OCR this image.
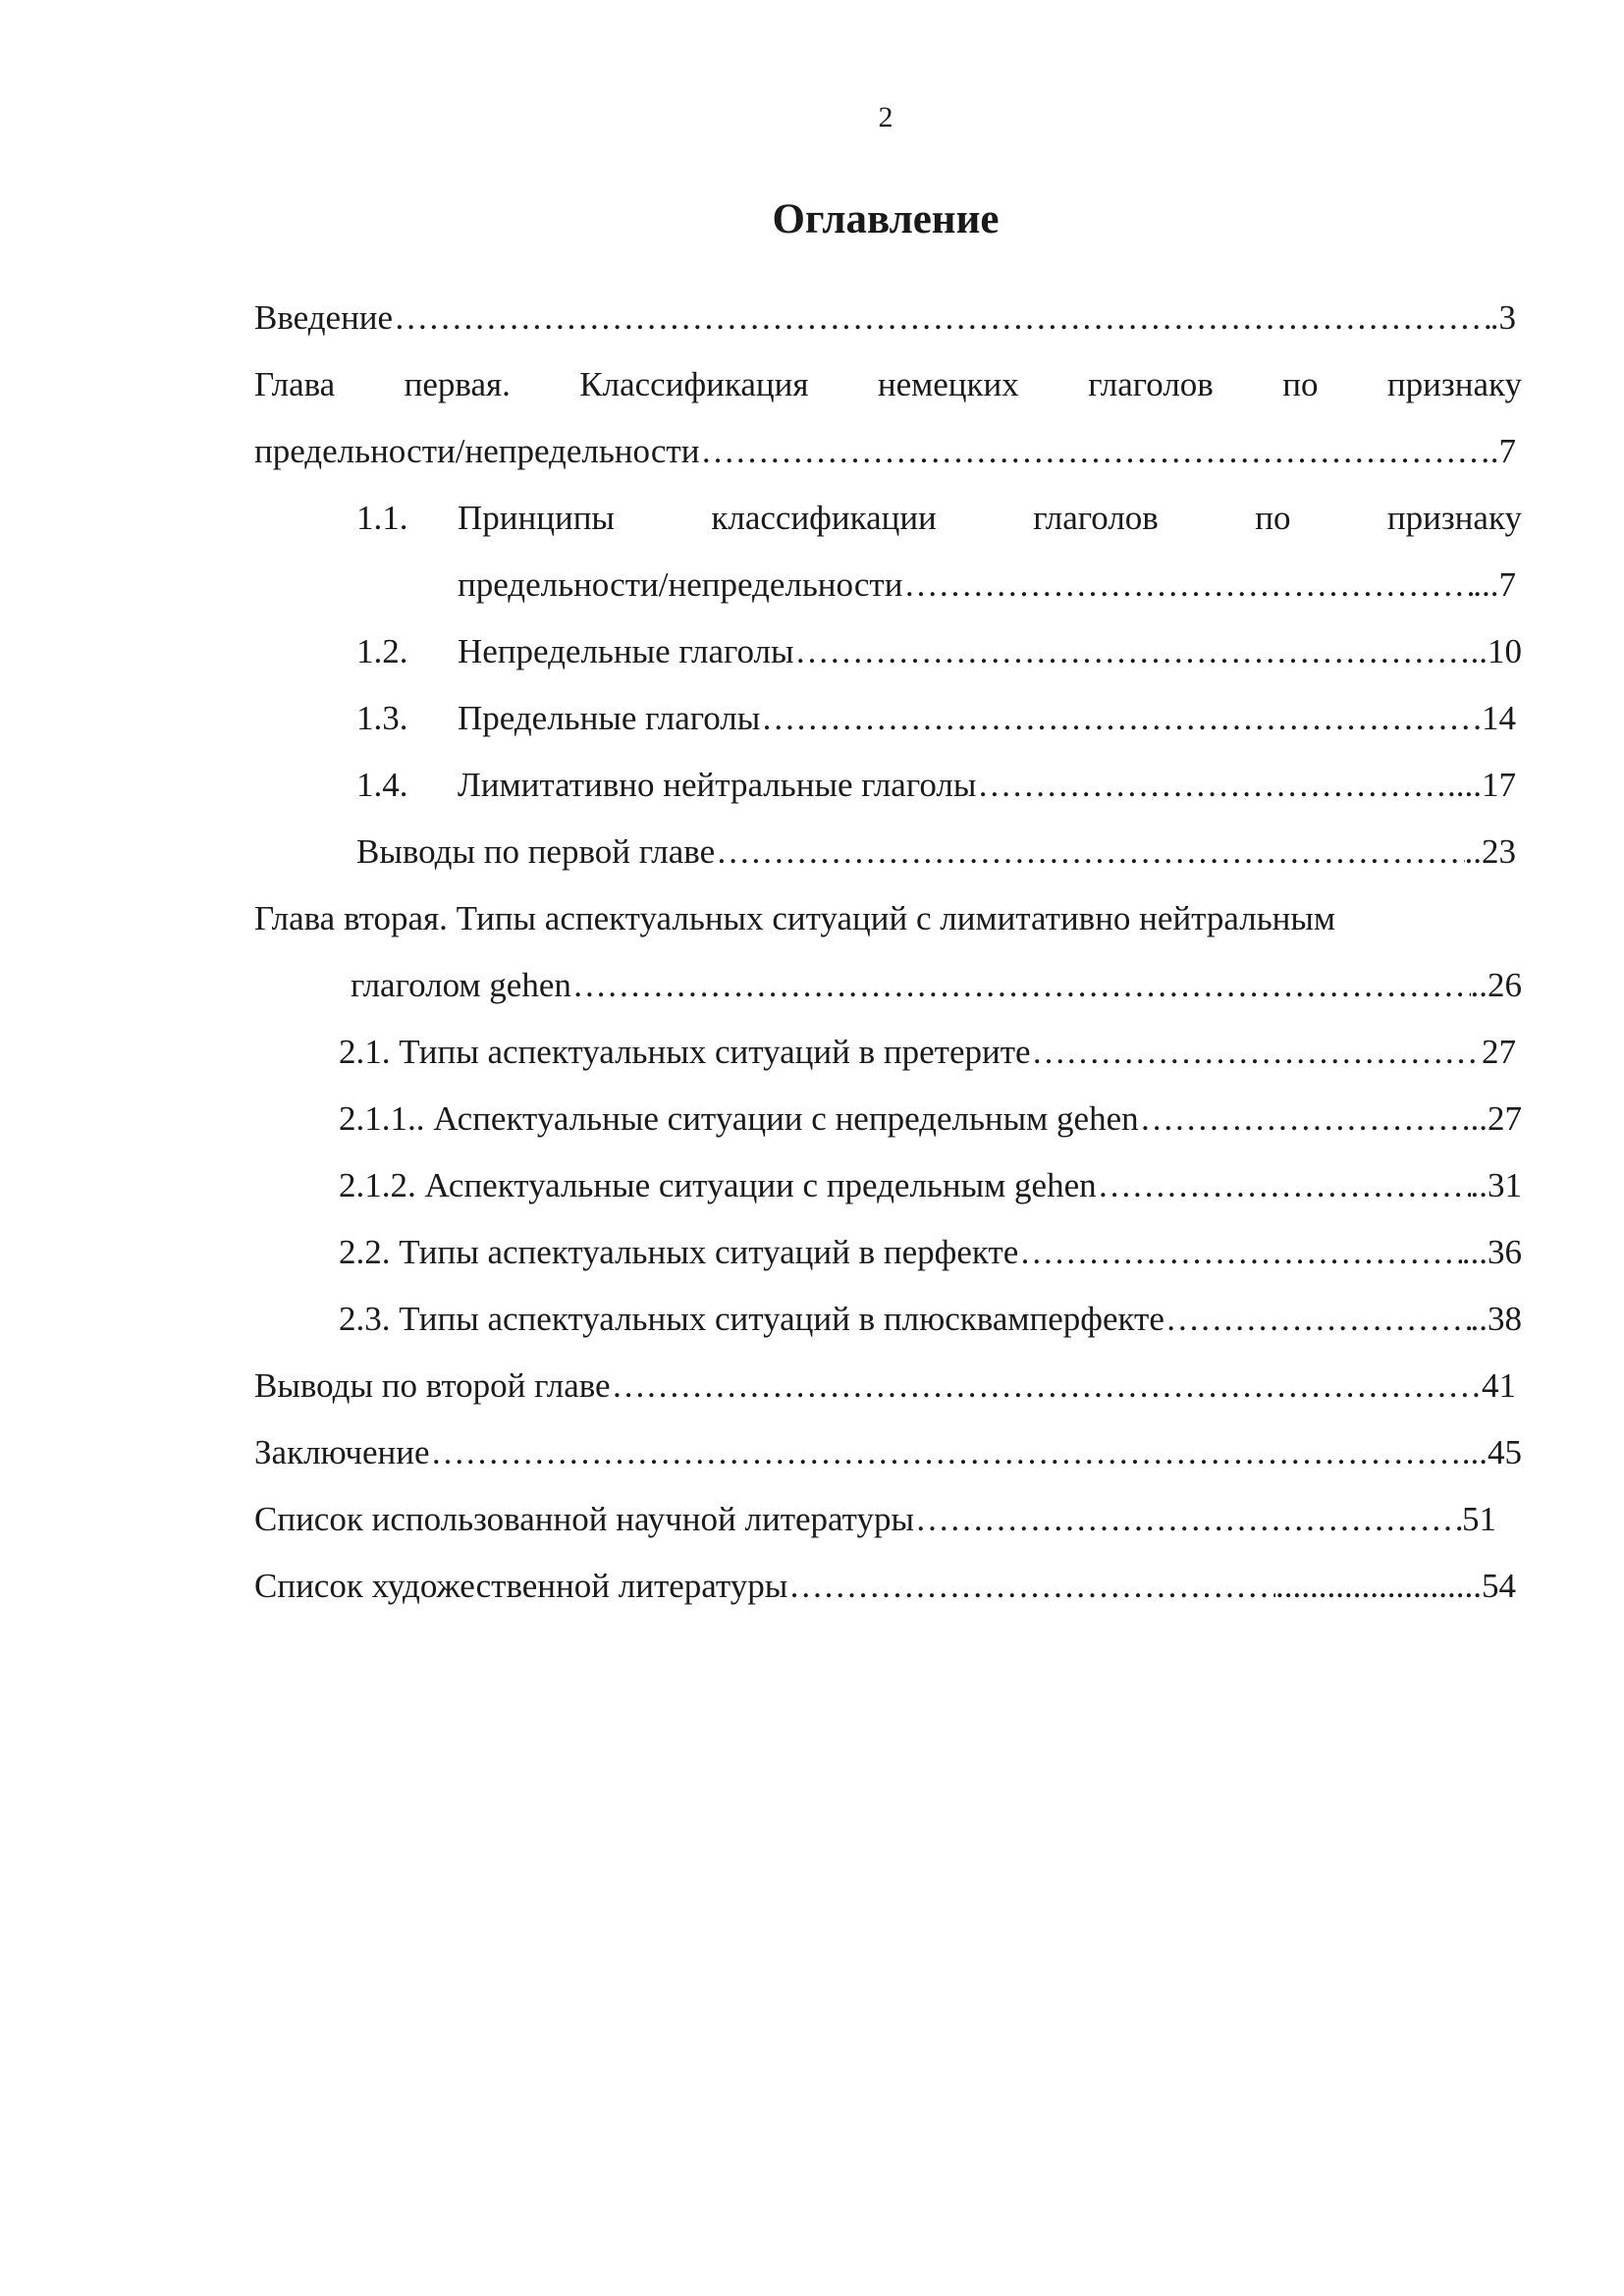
2
Оглавление
Введение ………………………………………………………………………………………………………………………………………………………………………………………………………………	.3
Глава первая. Классификация немецких глаголов по признаку
предельности/непредельности ………………………………………………………………………………………………………………………………………………………………………………………………………………	.7
1.1. Принципы	классификации	глаголов	по	признаку
предельности/непредельности ………………………………………………………………………………………………………………………………………………………………………………………………………………	...7
1.2. Непредельные глаголы ………………………………………………………………………………………………………………………………………………………………………………………………………………	..10
1.3. Предельные глаголы ………………………………………………………………………………………………………………………………………………………………………………………………………………	.14
1.4. Лимитативно нейтральные глаголы ………………………………………………………………………………………………………………………………………………………………………………………………………………	....17
Выводы по первой главе ………………………………………………………………………………………………………………………………………………………………………………………………………………	..23
Глава вторая. Типы аспектуальных ситуаций с лимитативно нейтральным
глаголом gehen ………………………………………………………………………………………………………………………………………………………………………………………………………………	..26
2.1. Типы аспектуальных ситуаций в претерите ………………………………………………………………………………………………………………………………………………………………………………………………………………	27
2.1.1.. Аспектуальные ситуации с непредельным gehen ………………………………………………………………………………………………………………………………………………………………………………………………………………	...27
2.1.2. Аспектуальные ситуации с предельным gehen ………………………………………………………………………………………………………………………………………………………………………………………………………………	..31
2.2. Типы аспектуальных ситуаций в перфекте ………………………………………………………………………………………………………………………………………………………………………………………………………………	...36
2.3. Типы аспектуальных ситуаций в плюсквамперфекте ………………………………………………………………………………………………………………………………………………………………………………………………………………	..38
Выводы по второй главе ………………………………………………………………………………………………………………………………………………………………………………………………………………	41
Заключение ………………………………………………………………………………………………………………………………………………………………………………………………………………	...45
Список использованной научной литературы ………………………………………………………………………………………………………………………………………………………………………………………………………………	51
Список художественной литературы ………………………………………………………………………………………………………………………………………………………………………………………………………………	........................54
